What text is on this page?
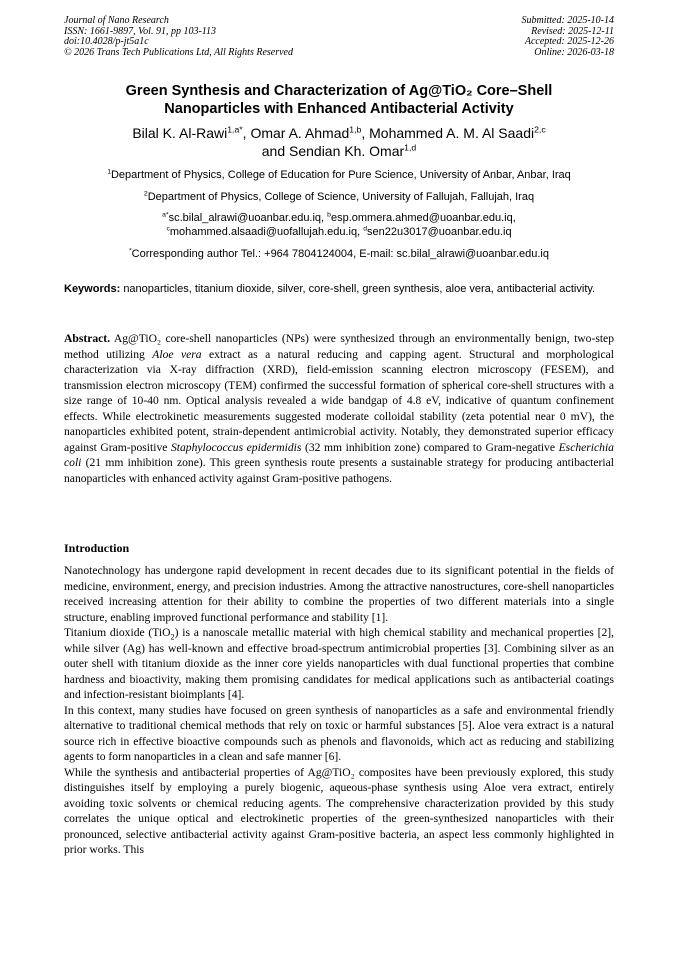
Journal of Nano Research
ISSN: 1661-9897, Vol. 91, pp 103-113
doi:10.4028/p-jt5a1c
© 2026 Trans Tech Publications Ltd, All Rights Reserved
Submitted: 2025-10-14
Revised: 2025-12-11
Accepted: 2025-12-26
Online: 2026-03-18
Green Synthesis and Characterization of Ag@TiO₂ Core–Shell
Nanoparticles with Enhanced Antibacterial Activity
Bilal K. Al-Rawi$^{1,a*}$, Omar A. Ahmad$^{1,b}$, Mohammed A. M. Al Saadi$^{2,c}$
and Sendian Kh. Omar$^{1,d}$
$^1$Department of Physics, College of Education for Pure Science, University of Anbar, Anbar, Iraq
$^2$Department of Physics, College of Science, University of Fallujah, Fallujah, Iraq
$^{a*}$sc.bilal_alrawi@uoanbar.edu.iq, $^b$esp.ommera.ahmed@uoanbar.edu.iq,
$^c$mohammed.alsaadi@uofallujah.edu.iq, $^d$sen22u3017@uoanbar.edu.iq
*Corresponding author Tel.: +964 7804124004, E-mail: sc.bilal_alrawi@uoanbar.edu.iq
Keywords: nanoparticles, titanium dioxide, silver, core-shell, green synthesis, aloe vera, antibacterial activity.

Abstract. Ag@TiO₂ core-shell nanoparticles (NPs) were synthesized through an environmentally benign, two-step method utilizing Aloe vera extract as a natural reducing and capping agent. Structural and morphological characterization via X-ray diffraction (XRD), field-emission scanning electron microscopy (FESEM), and transmission electron microscopy (TEM) confirmed the successful formation of spherical core-shell structures with a size range of 10-40 nm. Optical analysis revealed a wide bandgap of 4.8 eV, indicative of quantum confinement effects. While electrokinetic measurements suggested moderate colloidal stability (zeta potential near 0 mV), the nanoparticles exhibited potent, strain-dependent antimicrobial activity. Notably, they demonstrated superior efficacy against Gram-positive Staphylococcus epidermidis (32 mm inhibition zone) compared to Gram-negative Escherichia coli (21 mm inhibition zone). This green synthesis route presents a sustainable strategy for producing antibacterial nanoparticles with enhanced activity against Gram-positive pathogens.

Introduction

Nanotechnology has undergone rapid development in recent decades due to its significant potential in the fields of medicine, environment, energy, and precision industries. Among the attractive nanostructures, core-shell nanoparticles received increasing attention for their ability to combine the properties of two different materials into a single structure, enabling improved functional performance and stability [1].
Titanium dioxide (TiO$_2$) is a nanoscale metallic material with high chemical stability and mechanical properties [2], while silver (Ag) has well-known and effective broad-spectrum antimicrobial properties [3]. Combining silver as an outer shell with titanium dioxide as the inner core yields nanoparticles with dual functional properties that combine hardness and bioactivity, making them promising candidates for medical applications such as antibacterial coatings and infection-resistant bioimplants [4].
In this context, many studies have focused on green synthesis of nanoparticles as a safe and environmental friendly alternative to traditional chemical methods that rely on toxic or harmful substances [5]. Aloe vera extract is a natural source rich in effective bioactive compounds such as phenols and flavonoids, which act as reducing and stabilizing agents to form nanoparticles in a clean and safe manner [6].
While the synthesis and antibacterial properties of Ag@TiO₂ composites have been previously explored, this study distinguishes itself by employing a purely biogenic, aqueous-phase synthesis using Aloe vera extract, entirely avoiding toxic solvents or chemical reducing agents. The comprehensive characterization provided by this study correlates the unique optical and electrokinetic properties of the green-synthesized nanoparticles with their pronounced, selective antibacterial activity against Gram-positive bacteria, an aspect less commonly highlighted in prior works. This
